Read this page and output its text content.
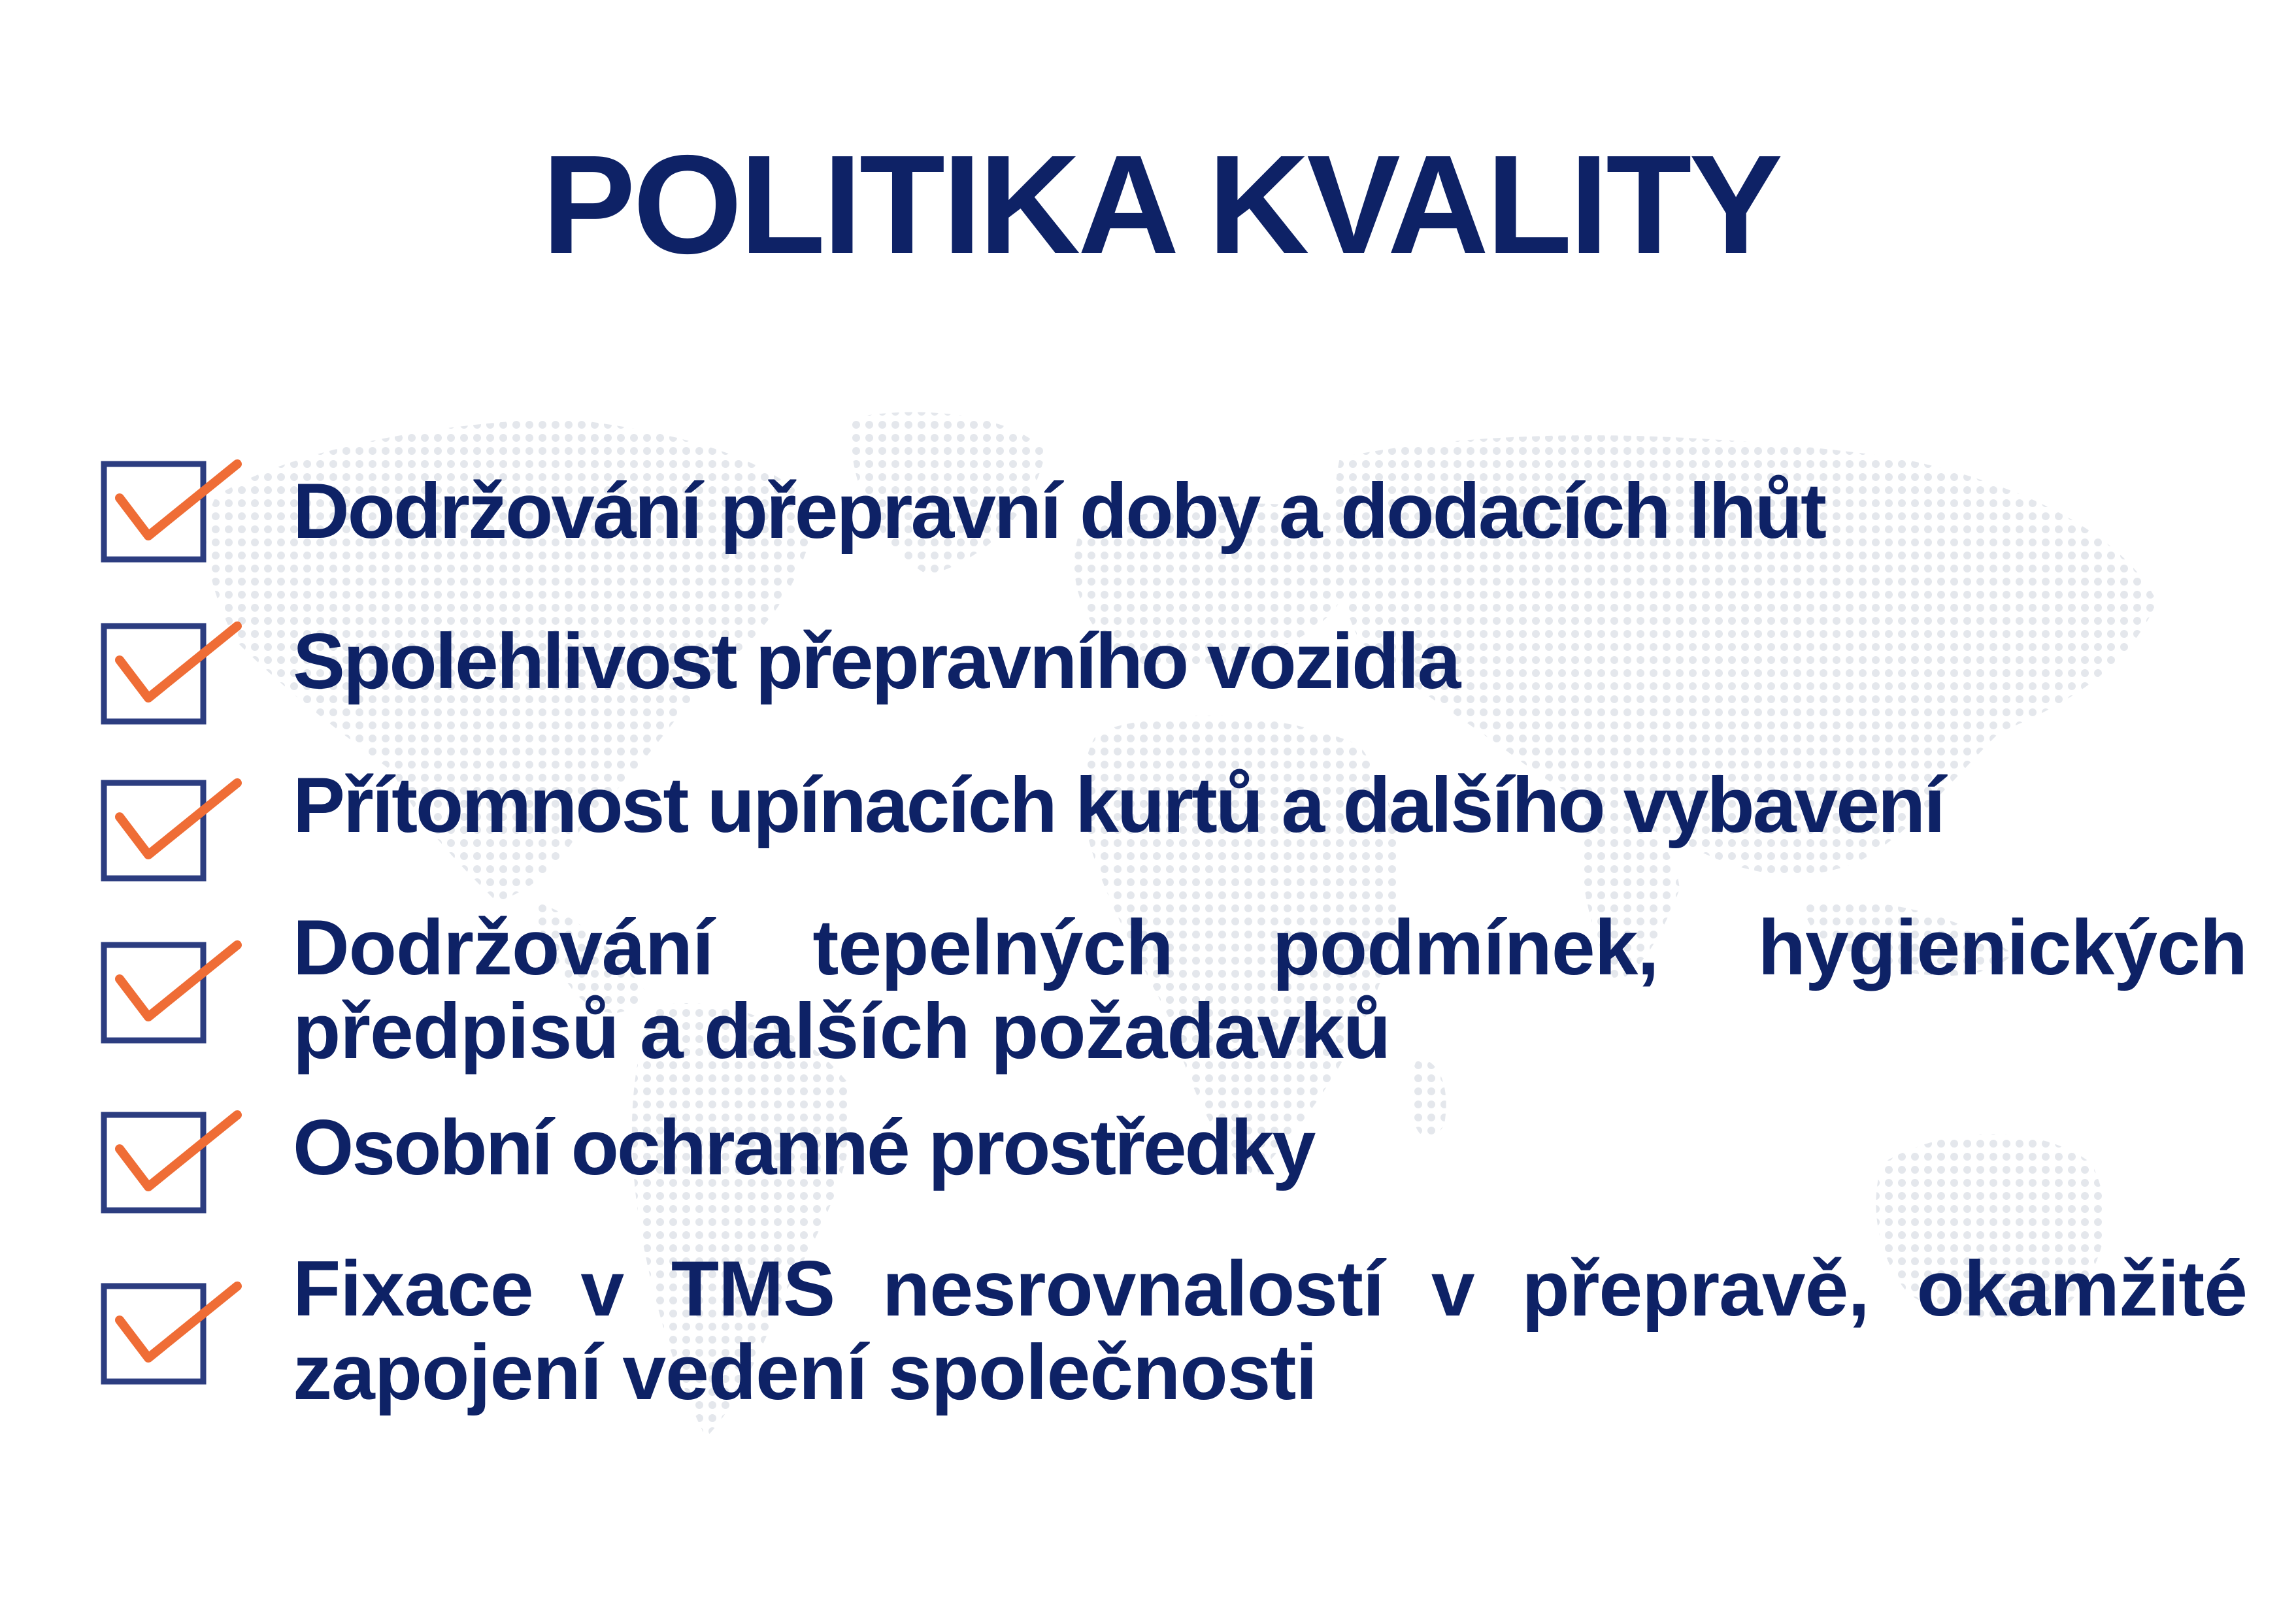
POLITIKA KVALITY

Dodržování přepravní doby a dodacích lhůt

Spolehlivost přepravního vozidla

Přítomnost upínacích kurtů a dalšího vybavení

Dodržování tepelných podmínek, hygienických předpisů a dalších požadavků

Osobní ochranné prostředky

Fixace v TMS nesrovnalostí v přepravě, okamžité zapojení vedení společnosti
